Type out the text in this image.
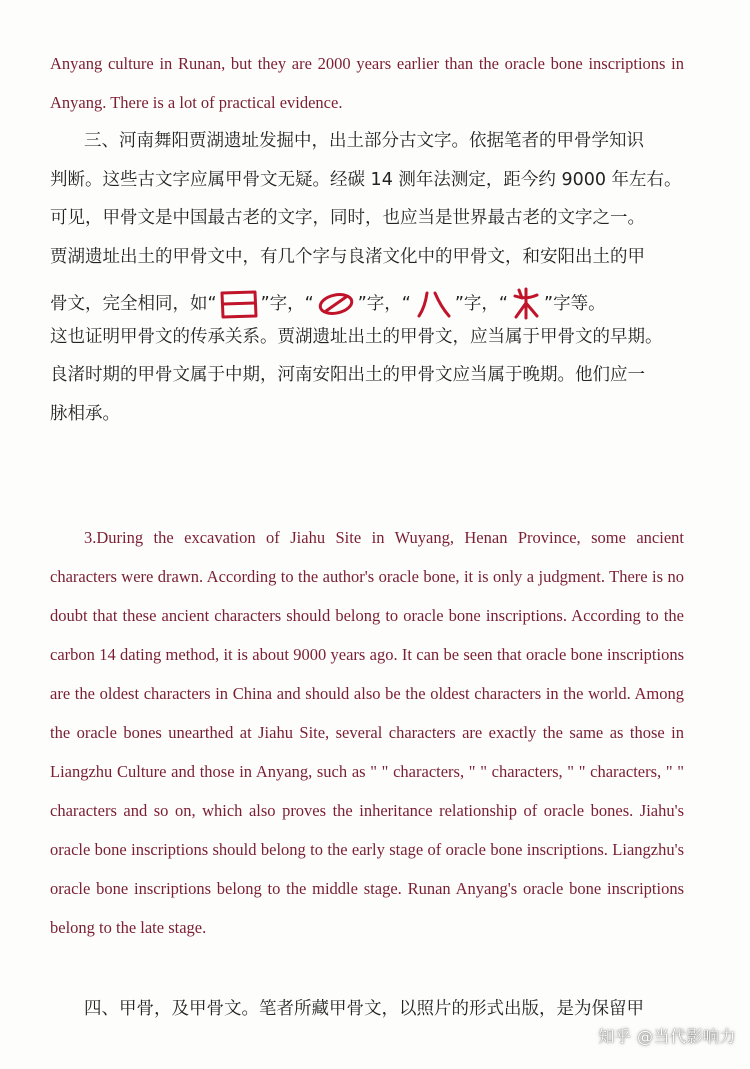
Anyang culture in Runan, but they are 2000 years earlier than the oracle bone inscriptions in Anyang. There is a lot of practical evidence.

三、河南舞阳贾湖遗址发掘中，出土部分古文字。依据笔者的甲骨学知识
判断。这些古文字应属甲骨文无疑。经碳 14 测年法测定，距今约 9000 年左右。
可见，甲骨文是中国最古老的文字，同时，也应当是世界最古老的文字之一。
贾湖遗址出土的甲骨文中，有几个字与良渚文化中的甲骨文，和安阳出土的甲
骨文，完全相同，如“	”字，“	”字，“	”字，“ ”字等。
这也证明甲骨文的传承关系。贾湖遗址出土的甲骨文，应当属于甲骨文的早期。
良渚时期的甲骨文属于中期，河南安阳出土的甲骨文应当属于晚期。他们应一
脉相承。

3.During the excavation of Jiahu Site in Wuyang, Henan Province, some ancient characters were drawn. According to the author's oracle bone, it is only a judgment. There is no doubt that these ancient characters should belong to oracle bone inscriptions. According to the carbon 14 dating method, it is about 9000 years ago. It can be seen that oracle bone inscriptions are the oldest characters in China and should also be the oldest characters in the world. Among the oracle bones unearthed at Jiahu Site, several characters are exactly the same as those in Liangzhu Culture and those in Anyang, such as " " characters, " " characters, " " characters, " " characters and so on, which also proves the inheritance relationship of oracle bones. Jiahu's oracle bone inscriptions should belong to the early stage of oracle bone inscriptions. Liangzhu's oracle bone inscriptions belong to the middle stage. Runan Anyang's oracle bone inscriptions belong to the late stage.

四、甲骨，及甲骨文。笔者所藏甲骨文，以照片的形式出版，是为保留甲

知乎 @当代影响力
